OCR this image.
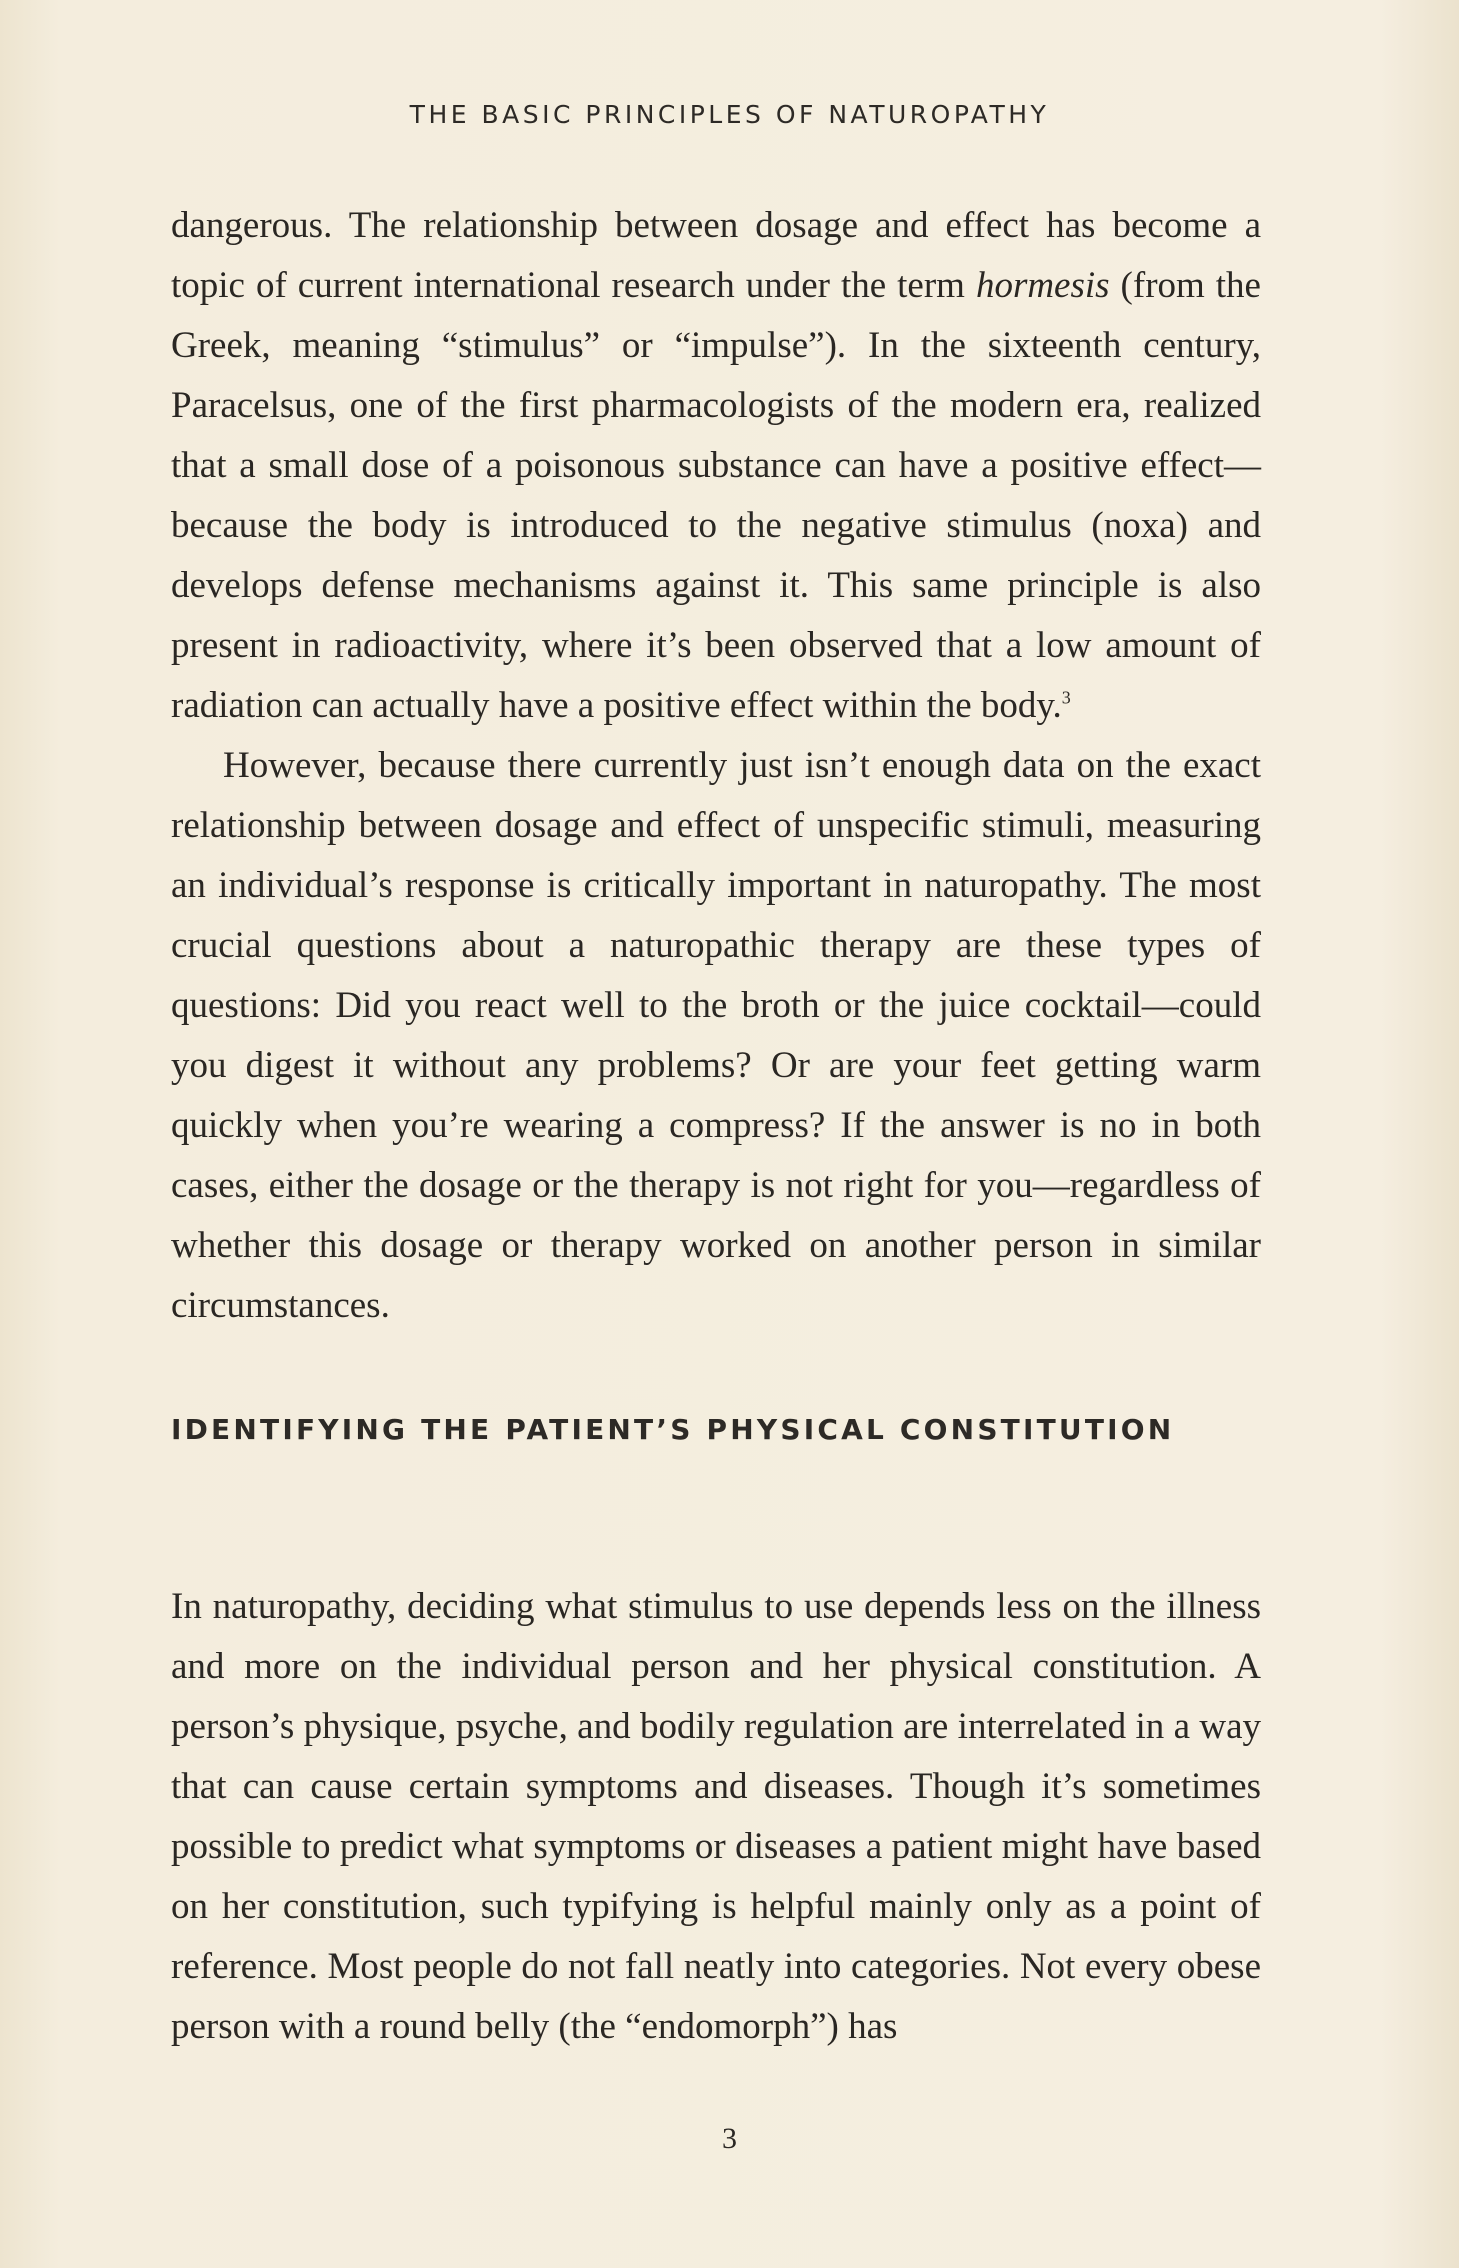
THE BASIC PRINCIPLES OF NATUROPATHY

dangerous. The relationship between dosage and effect has become a topic of current international research under the term hormesis (from the Greek, meaning “stimulus” or “impulse”). In the sixteenth century, Paracelsus, one of the first pharmacologists of the modern era, realized that a small dose of a poisonous substance can have a positive effect—because the body is introduced to the negative stimulus (noxa) and develops defense mechanisms against it. This same principle is also present in radioactivity, where it’s been observed that a low amount of radiation can actually have a positive effect within the body.$^3$

However, because there currently just isn’t enough data on the exact relationship between dosage and effect of unspecific stimuli, measuring an individual’s response is critically important in naturopathy. The most crucial questions about a naturopathic therapy are these types of questions: Did you react well to the broth or the juice cocktail—could you digest it without any problems? Or are your feet getting warm quickly when you’re wearing a compress? If the answer is no in both cases, either the dosage or the therapy is not right for you—regardless of whether this dosage or therapy worked on another person in similar circumstances.

IDENTIFYING THE PATIENT’S PHYSICAL CONSTITUTION

In naturopathy, deciding what stimulus to use depends less on the illness and more on the individual person and her physical constitution. A person’s physique, psyche, and bodily regulation are interrelated in a way that can cause certain symptoms and diseases. Though it’s sometimes possible to predict what symptoms or diseases a patient might have based on her constitution, such typifying is helpful mainly only as a point of reference. Most people do not fall neatly into categories. Not every obese person with a round belly (the “endomorph”) has

3
